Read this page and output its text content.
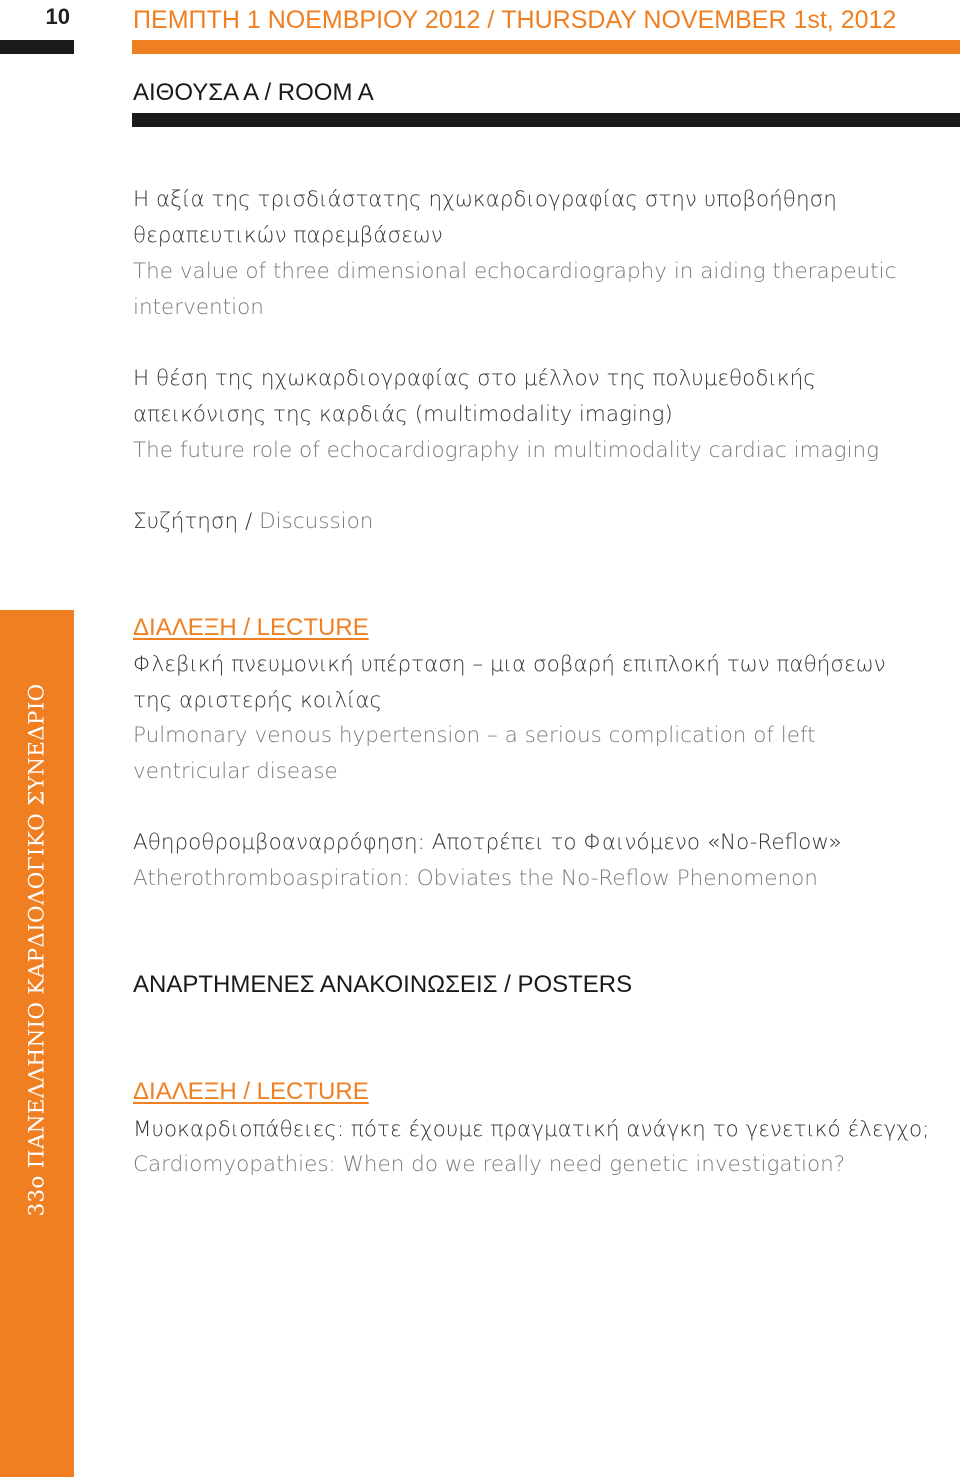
10	ΠΕΜΠΤΗ 1 ΝΟΕΜΒΡΙΟΥ 2012 / THURSDAY NOVEMBER 1st, 2012
ΑΙΘΟΥΣΑ Α / ROOM A
33ο ΠΑΝΕΛΛΗΝΙΟ ΚΑΡΔΙΟΛΟΓΙΚΟ ΣΥΝΕΔΡΙΟ
Η αξία της τρισδιάστατης ηχωκαρδιογραφίας στην υποβοήθηση
θεραπευτικών παρεμβάσεων
The value of three dimensional echocardiography in aiding therapeutic
intervention
Η θέση της ηχωκαρδιογραφίας στο μέλλον της πολυμεθοδικής
απεικόνισης της καρδιάς (multimodality imaging)
The future role of echocardiography in multimodality cardiac imaging
Συζήτηση / Discussion
ΔΙΑΛΕΞΗ / LECTURE
Φλεβική πνευμονική υπέρταση – μια σοβαρή επιπλοκή των παθήσεων
της αριστερής κοιλίας
Pulmonary venous hypertension – a serious complication of left
ventricular disease
Αθηροθρομβοαναρρόφηση: Αποτρέπει το Φαινόμενο «No-Reflow»
Atherothromboaspiration: Obviates the No-Reflow Phenomenon
ΑΝΑΡΤΗΜΕΝΕΣ ΑΝΑΚΟΙΝΩΣΕΙΣ / POSTERS
ΔΙΑΛΕΞΗ / LECTURE
Μυοκαρδιοπάθειες: πότε έχουμε πραγματική ανάγκη το γενετικό έλεγχο;
Cardiomyopathies: When do we really need genetic investigation?
